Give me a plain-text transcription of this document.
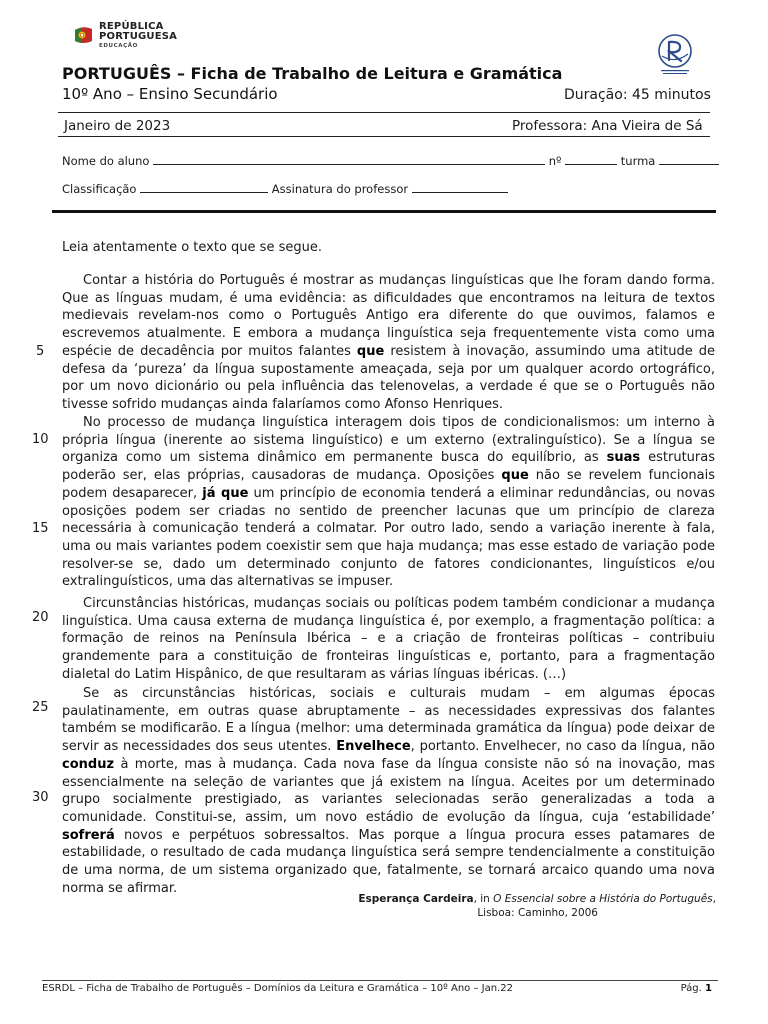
REPÚBLICA
PORTUGUESA
EDUCAÇÃO
PORTUGUÊS – Ficha de Trabalho de Leitura e Gramática
10º Ano – Ensino Secundário	Duração: 45 minutos
Janeiro de 2023	Professora: Ana Vieira de Sá
Nome do aluno	nº	turma
Classificação	Assinatura do professor
Leia atentamente o texto que se segue.

Contar a história do Português é mostrar as mudanças linguísticas que lhe foram dando forma. Que as línguas mudam, é uma evidência: as dificuldades que encontramos na leitura de textos medievais revelam-nos como o Português Antigo era diferente do que ouvimos, falamos e escrevemos atualmente. E embora a mudança linguística seja frequentemente vista como uma espécie de decadência por muitos falantes que resistem à inovação, assumindo uma atitude de defesa da ‘pureza’ da língua supostamente ameaçada, seja por um qualquer acordo ortográfico, por um novo dicionário ou pela influência das telenovelas, a verdade é que se o Português não tivesse sofrido mudanças ainda falaríamos como Afonso Henriques.

No processo de mudança linguística interagem dois tipos de condicionalismos: um interno à própria língua (inerente ao sistema linguístico) e um externo (extralinguístico). Se a língua se organiza como um sistema dinâmico em permanente busca do equilíbrio, as suas estruturas poderão ser, elas próprias, causadoras de mudança. Oposições que não se revelem funcionais podem desaparecer, já que um princípio de economia tenderá a eliminar redundâncias, ou novas oposições podem ser criadas no sentido de preencher lacunas que um princípio de clareza necessária à comunicação tenderá a colmatar. Por outro lado, sendo a variação inerente à fala, uma ou mais variantes podem coexistir sem que haja mudança; mas esse estado de variação pode resolver-se se, dado um determinado conjunto de fatores condicionantes, linguísticos e/ou extralinguísticos, uma das alternativas se impuser.

Circunstâncias históricas, mudanças sociais ou políticas podem também condicionar a mudança linguística. Uma causa externa de mudança linguística é, por exemplo, a fragmentação política: a formação de reinos na Península Ibérica – e a criação de fronteiras políticas – contribuiu grandemente para a constituição de fronteiras linguísticas e, portanto, para a fragmentação dialetal do Latim Hispânico, de que resultaram as várias línguas ibéricas. (…)

Se as circunstâncias históricas, sociais e culturais mudam – em algumas épocas paulatinamente, em outras quase abruptamente – as necessidades expressivas dos falantes também se modificarão. E a língua (melhor: uma determinada gramática da língua) pode deixar de servir as necessidades dos seus utentes. Envelhece, portanto. Envelhecer, no caso da língua, não conduz à morte, mas à mudança. Cada nova fase da língua consiste não só na inovação, mas essencialmente na seleção de variantes que já existem na língua. Aceites por um determinado grupo socialmente prestigiado, as variantes selecionadas serão generalizadas a toda a comunidade. Constitui-se, assim, um novo estádio de evolução da língua, cuja ‘estabilidade’ sofrerá novos e perpétuos sobressaltos. Mas porque a língua procura esses patamares de estabilidade, o resultado de cada mudança linguística será sempre tendencialmente a constituição de uma norma, de um sistema organizado que, fatalmente, se tornará arcaico quando uma nova norma se afirmar.

5
10
15
20
25
30
Esperança Cardeira, in O Essencial sobre a História do Português,
Lisboa: Caminho, 2006
ESRDL – Ficha de Trabalho de Português – Domínios da Leitura e Gramática – 10º Ano – Jan.22	Pág. 1
